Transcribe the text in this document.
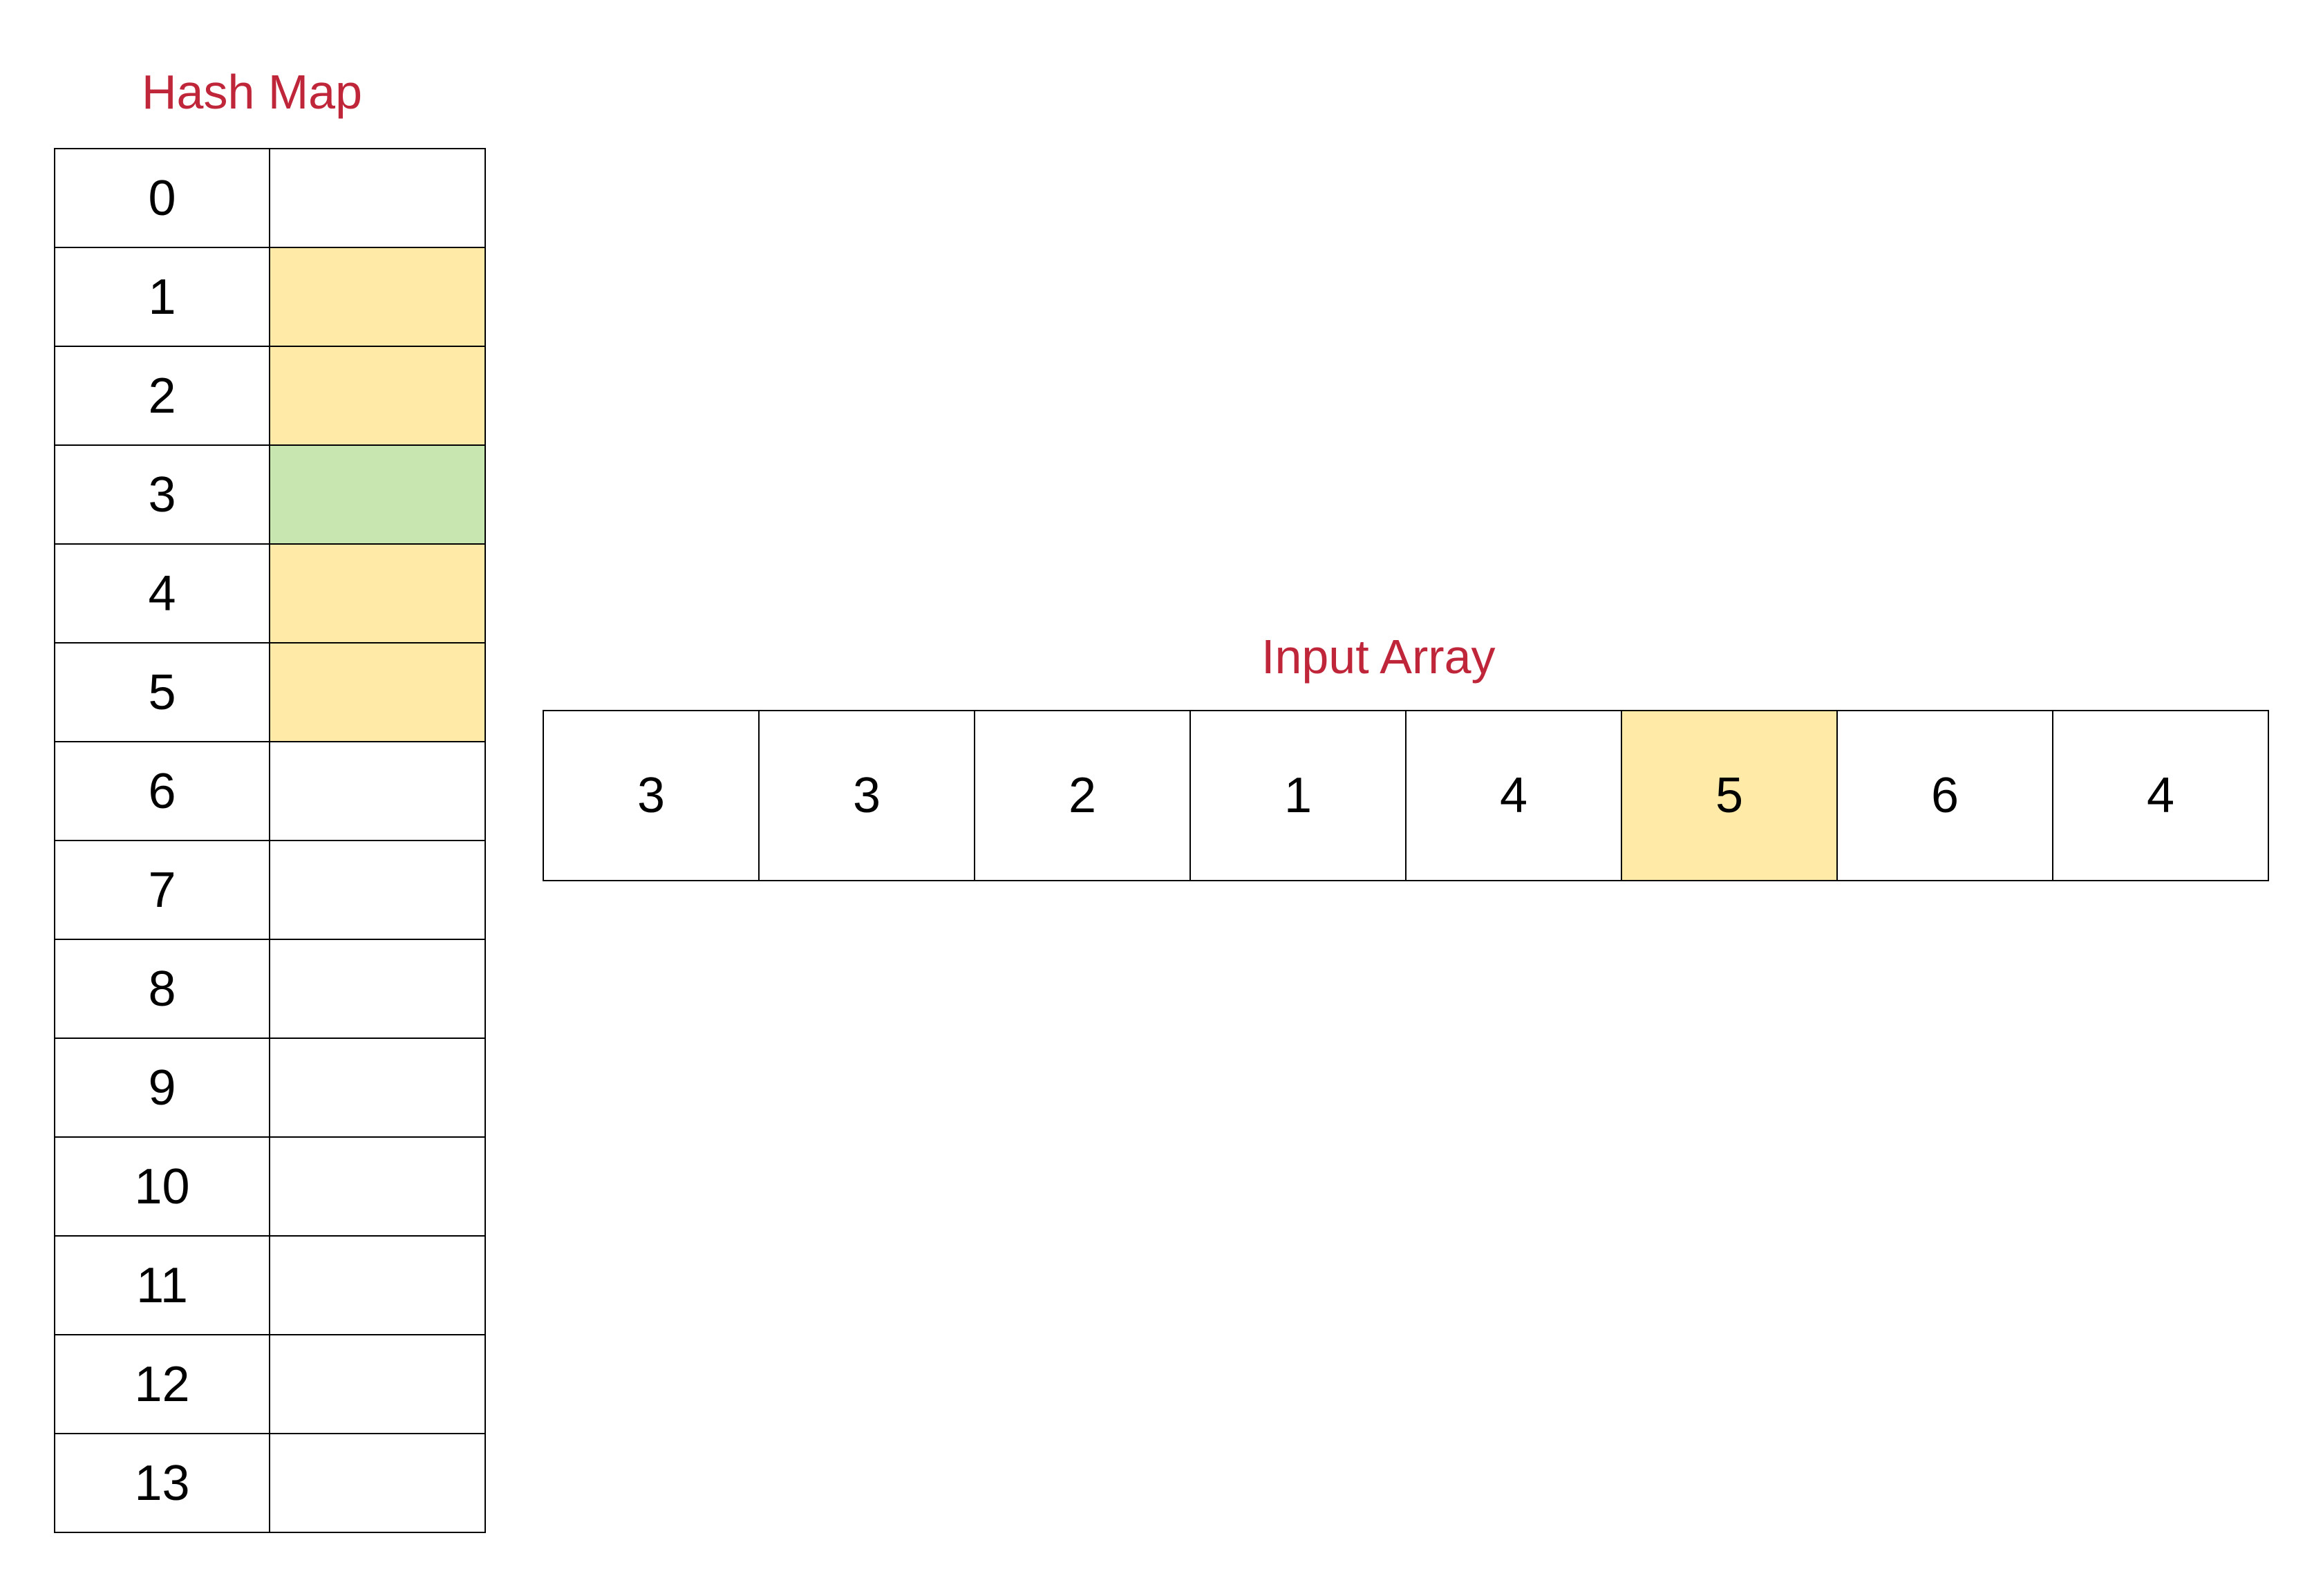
Hash Map
0
1
2
3
4
5
6
7
8
9
10
11
12
13
Input Array
3	3	2	1	4	5	6	4
